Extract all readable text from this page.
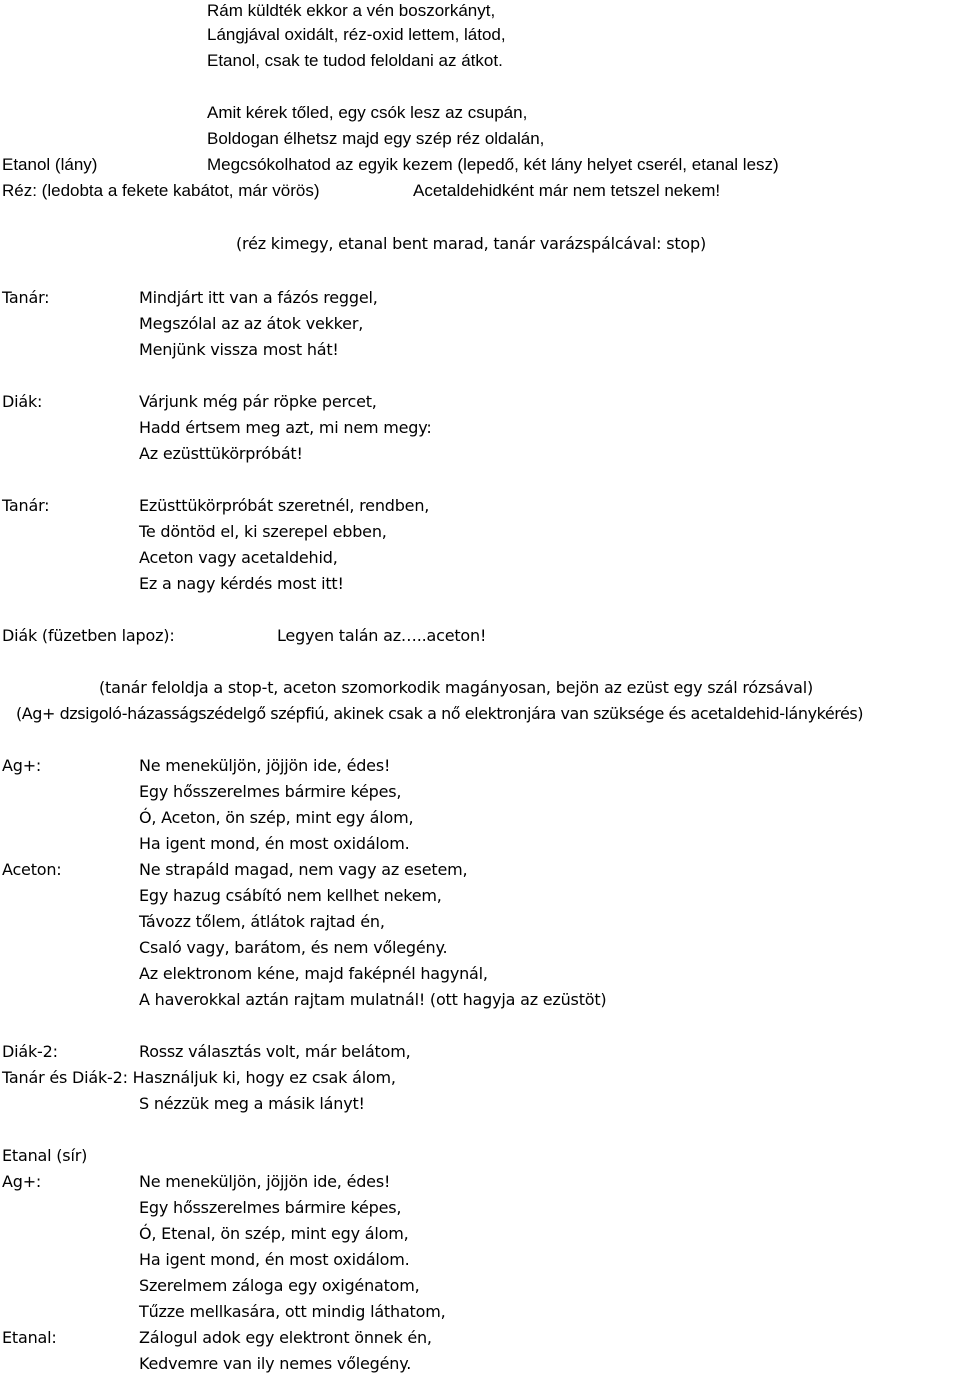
Rám küldték ekkor a vén boszorkányt,
Lángjával oxidált, réz-oxid lettem, látod,
Etanol, csak te tudod feloldani az átkot.
Amit kérek tőled, egy csók lesz az csupán,
Boldogan élhetsz majd egy szép réz oldalán,
Etanol (lány)	Megcsókolhatod az egyik kezem (lepedő, két lány helyet cserél, etanal lesz)
Réz: (ledobta a fekete kabátot, már vörös)	Acetaldehidként már nem tetszel nekem!
(réz kimegy, etanal bent marad, tanár varázspálcával: stop)
Tanár:	Mindjárt itt van a fázós reggel,
Megszólal az az átok vekker,
Menjünk vissza most hát!
Diák:	Várjunk még pár röpke percet,
Hadd értsem meg azt, mi nem megy:
Az ezüsttükörpróbát!
Tanár:	Ezüsttükörpróbát szeretnél, rendben,
Te döntöd el, ki szerepel ebben,
Aceton vagy acetaldehid,
Ez a nagy kérdés most itt!
Diák (füzetben lapoz):	Legyen talán az…..aceton!
(tanár feloldja a stop-t, aceton szomorkodik magányosan, bejön az ezüst egy szál rózsával)
(Ag+ dzsigoló-házasságszédelgő szépfiú, akinek csak a nő elektronjára van szüksége és acetaldehid-lánykérés)
Ag+:	Ne meneküljön, jöjjön ide, édes!
Egy hősszerelmes bármire képes,
Ó, Aceton, ön szép, mint egy álom,
Ha igent mond, én most oxidálom.
Aceton:	Ne strapáld magad, nem vagy az esetem,
Egy hazug csábító nem kellhet nekem,
Távozz tőlem, átlátok rajtad én,
Csaló vagy, barátom, és nem vőlegény.
Az elektronom kéne, majd faképnél hagynál,
A haverokkal aztán rajtam mulatnál! (ott hagyja az ezüstöt)
Diák-2:	Rossz választás volt, már belátom,
Tanár és Diák-2: Használjuk ki, hogy ez csak álom,
S nézzük meg a másik lányt!
Etanal (sír)
Ag+:	Ne meneküljön, jöjjön ide, édes!
Egy hősszerelmes bármire képes,
Ó, Etenal, ön szép, mint egy álom,
Ha igent mond, én most oxidálom.
Szerelmem záloga egy oxigénatom,
Tűzze mellkasára, ott mindig láthatom,
Etanal:	Zálogul adok egy elektront önnek én,
Kedvemre van ily nemes vőlegény.
